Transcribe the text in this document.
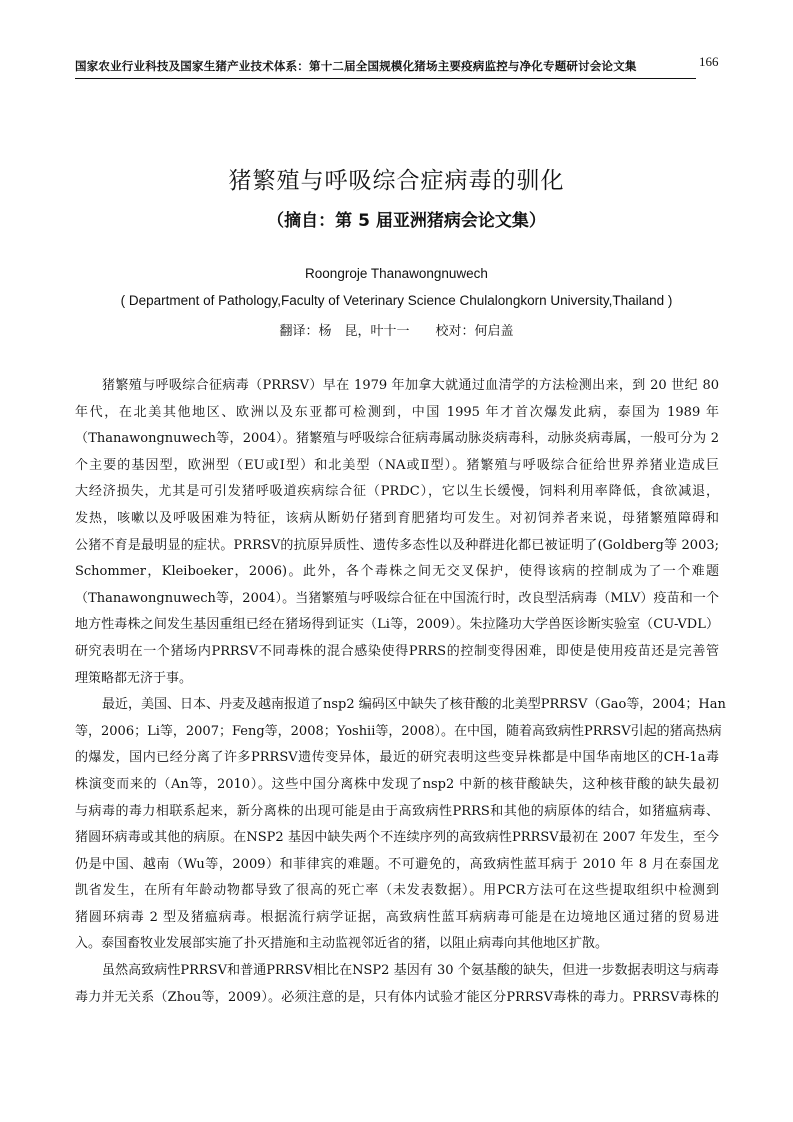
国家农业行业科技及国家生猪产业技术体系：第十二届全国规模化猪场主要疫病监控与净化专题研讨会论文集	166
猪繁殖与呼吸综合症病毒的驯化
（摘自：第 5 届亚洲猪病会论文集）
Roongroje Thanawongnuwech
( Department of Pathology,Faculty of Veterinary Science Chulalongkorn University,Thailand )
翻译：杨　昆，叶十一　　校对：何启盖
猪繁殖与呼吸综合征病毒（PRRSV）早在 1979 年加拿大就通过血清学的方法检测出来，到 20 世纪 80
年代，在北美其他地区、欧洲以及东亚都可检测到，中国 1995 年才首次爆发此病，泰国为 1989 年
（Thanawongnuwech等，2004）。猪繁殖与呼吸综合征病毒属动脉炎病毒科，动脉炎病毒属，一般可分为 2
个主要的基因型，欧洲型（EU或Ⅰ型）和北美型（NA或Ⅱ型）。猪繁殖与呼吸综合征给世界养猪业造成巨
大经济损失，尤其是可引发猪呼吸道疾病综合征（PRDC），它以生长缓慢，饲料利用率降低，食欲减退，
发热，咳嗽以及呼吸困难为特征，该病从断奶仔猪到育肥猪均可发生。对初饲养者来说，母猪繁殖障碍和
公猪不育是最明显的症状。PRRSV的抗原异质性、遗传多态性以及种群进化都已被证明了(Goldberg等 2003;
Schommer，Kleiboeker，2006)。此外，各个毒株之间无交叉保护，使得该病的控制成为了一个难题
（Thanawongnuwech等，2004）。当猪繁殖与呼吸综合征在中国流行时，改良型活病毒（MLV）疫苗和一个
地方性毒株之间发生基因重组已经在猪场得到证实（Li等，2009）。朱拉隆功大学兽医诊断实验室（CU-VDL）
研究表明在一个猪场内PRRSV不同毒株的混合感染使得PRRS的控制变得困难，即使是使用疫苗还是完善管
理策略都无济于事。
最近，美国、日本、丹麦及越南报道了nsp2 编码区中缺失了核苷酸的北美型PRRSV（Gao等，2004；Han
等，2006；Li等，2007；Feng等，2008；Yoshii等，2008）。在中国，随着高致病性PRRSV引起的猪高热病
的爆发，国内已经分离了许多PRRSV遗传变异体，最近的研究表明这些变异株都是中国华南地区的CH-1a毒
株演变而来的（An等，2010）。这些中国分离株中发现了nsp2 中新的核苷酸缺失，这种核苷酸的缺失最初
与病毒的毒力相联系起来，新分离株的出现可能是由于高致病性PRRS和其他的病原体的结合，如猪瘟病毒、
猪圆环病毒或其他的病原。在NSP2 基因中缺失两个不连续序列的高致病性PRRSV最初在 2007 年发生，至今
仍是中国、越南（Wu等，2009）和菲律宾的难题。不可避免的，高致病性蓝耳病于 2010 年 8 月在泰国龙
凯省发生，在所有年龄动物都导致了很高的死亡率（未发表数据）。用PCR方法可在这些提取组织中检测到
猪圆环病毒 2 型及猪瘟病毒。根据流行病学证据，高致病性蓝耳病病毒可能是在边境地区通过猪的贸易进
入。泰国畜牧业发展部实施了扑灭措施和主动监视邻近省的猪，以阻止病毒向其他地区扩散。
虽然高致病性PRRSV和普通PRRSV相比在NSP2 基因有 30 个氨基酸的缺失，但进一步数据表明这与病毒
毒力并无关系（Zhou等，2009）。必须注意的是，只有体内试验才能区分PRRSV毒株的毒力。PRRSV毒株的
